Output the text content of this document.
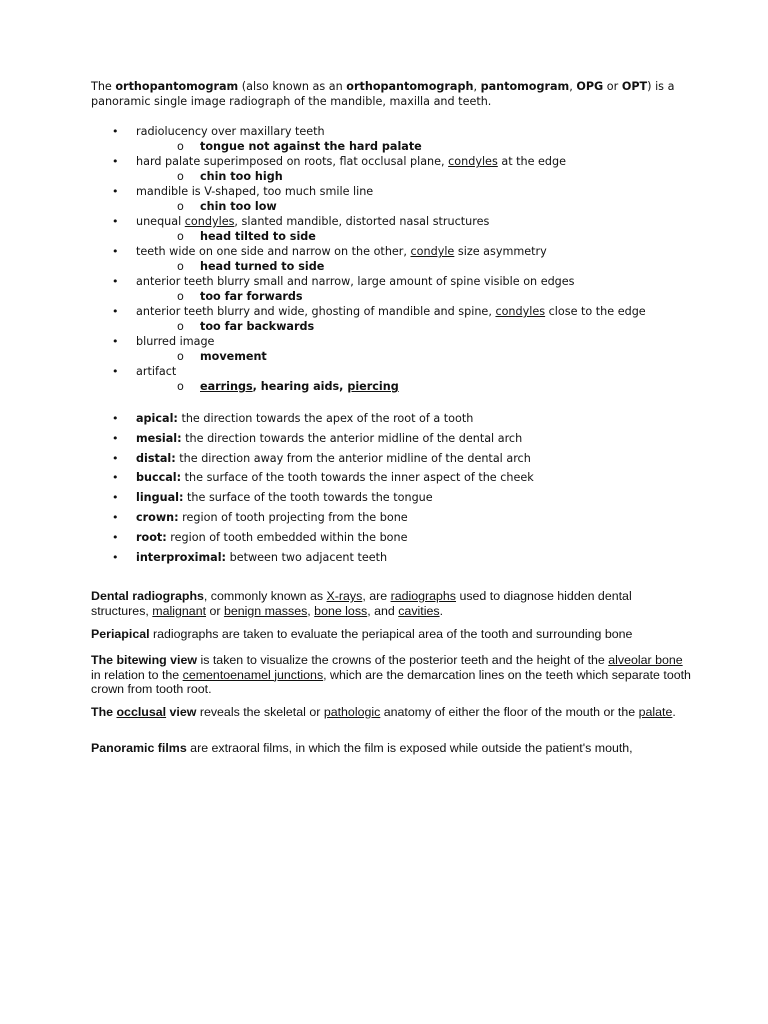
The orthopantomogram (also known as an orthopantomograph, pantomogram, OPG or OPT) is a panoramic single image radiograph of the mandible, maxilla and teeth.

• radiolucency over maxillary teeth
o tongue not against the hard palate
• hard palate superimposed on roots, flat occlusal plane, condyles at the edge
o chin too high
• mandible is V-shaped, too much smile line
o chin too low
• unequal condyles, slanted mandible, distorted nasal structures
o head tilted to side
• teeth wide on one side and narrow on the other, condyle size asymmetry
o head turned to side
• anterior teeth blurry small and narrow, large amount of spine visible on edges
o too far forwards
• anterior teeth blurry and wide, ghosting of mandible and spine, condyles close to the edge
o too far backwards
• blurred image
o movement
• artifact
o earrings, hearing aids, piercing
• apical: the direction towards the apex of the root of a tooth
• mesial: the direction towards the anterior midline of the dental arch
• distal: the direction away from the anterior midline of the dental arch
• buccal: the surface of the tooth towards the inner aspect of the cheek
• lingual: the surface of the tooth towards the tongue
• crown: region of tooth projecting from the bone
• root: region of tooth embedded within the bone
• interproximal: between two adjacent teeth

Dental radiographs, commonly known as X-rays, are radiographs used to diagnose hidden dental structures, malignant or benign masses, bone loss, and cavities.

Periapical radiographs are taken to evaluate the periapical area of the tooth and surrounding bone

The bitewing view is taken to visualize the crowns of the posterior teeth and the height of the alveolar bone in relation to the cementoenamel junctions, which are the demarcation lines on the teeth which separate tooth crown from tooth root.

The occlusal view reveals the skeletal or pathologic anatomy of either the floor of the mouth or the palate.

Panoramic films are extraoral films, in which the film is exposed while outside the patient's mouth,
